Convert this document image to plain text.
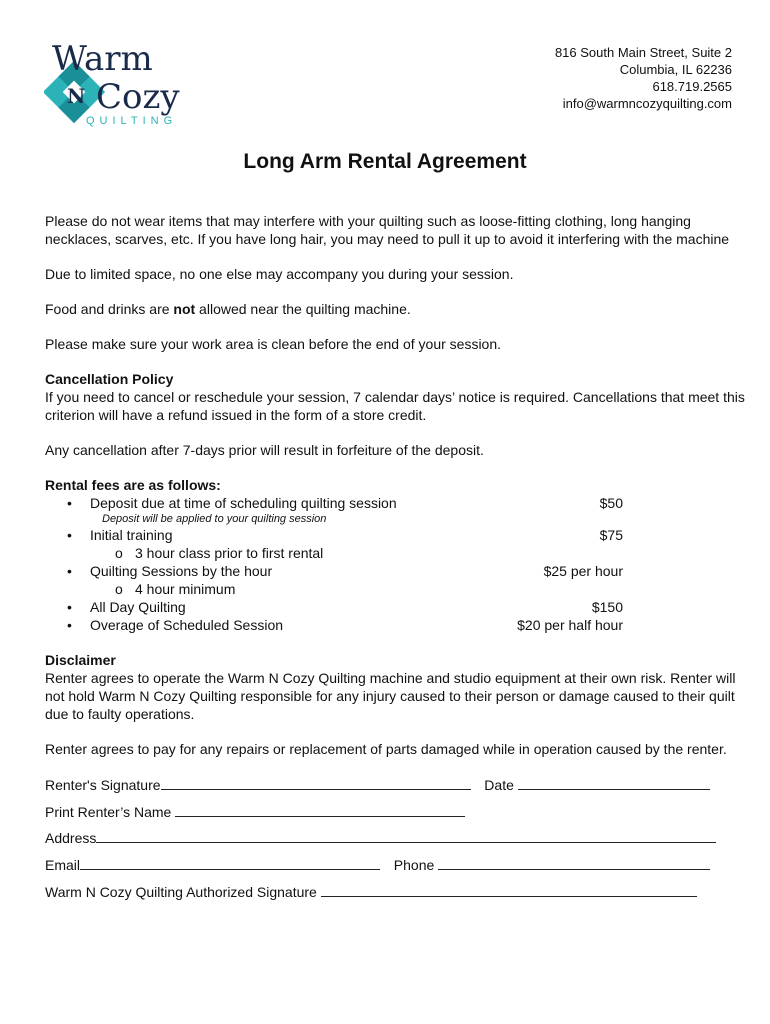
Warm
N Cozy
QUILTING
816 South Main Street, Suite 2
Columbia, IL 62236
618.719.2565
info@warmncozyquilting.com
Long Arm Rental Agreement

Please do not wear items that may interfere with your quilting such as loose-fitting clothing, long hanging necklaces, scarves, etc. If you have long hair, you may need to pull it up to avoid it interfering with the machine

Due to limited space, no one else may accompany you during your session.

Food and drinks are not allowed near the quilting machine.

Please make sure your work area is clean before the end of your session.

Cancellation Policy

If you need to cancel or reschedule your session, 7 calendar days’ notice is required. Cancellations that meet this criterion will have a refund issued in the form of a store credit.

Any cancellation after 7-days prior will result in forfeiture of the deposit.

Rental fees are as follows:
• Deposit due at time of scheduling quilting session	$50
Deposit will be applied to your quilting session
• Initial training	$75
o 3 hour class prior to first rental
• Quilting Sessions by the hour	$25 per hour
o 4 hour minimum
• All Day Quilting	$150
• Overage of Scheduled Session	$20 per half hour
Disclaimer

Renter agrees to operate the Warm N Cozy Quilting machine and studio equipment at their own risk. Renter will not hold Warm N Cozy Quilting responsible for any injury caused to their person or damage caused to their quilt due to faulty operations.

Renter agrees to pay for any repairs or replacement of parts damaged while in operation caused by the renter.

Renter's Signature	Date
Print Renter’s Name
Address
Email	Phone
Warm N Cozy Quilting Authorized Signature
